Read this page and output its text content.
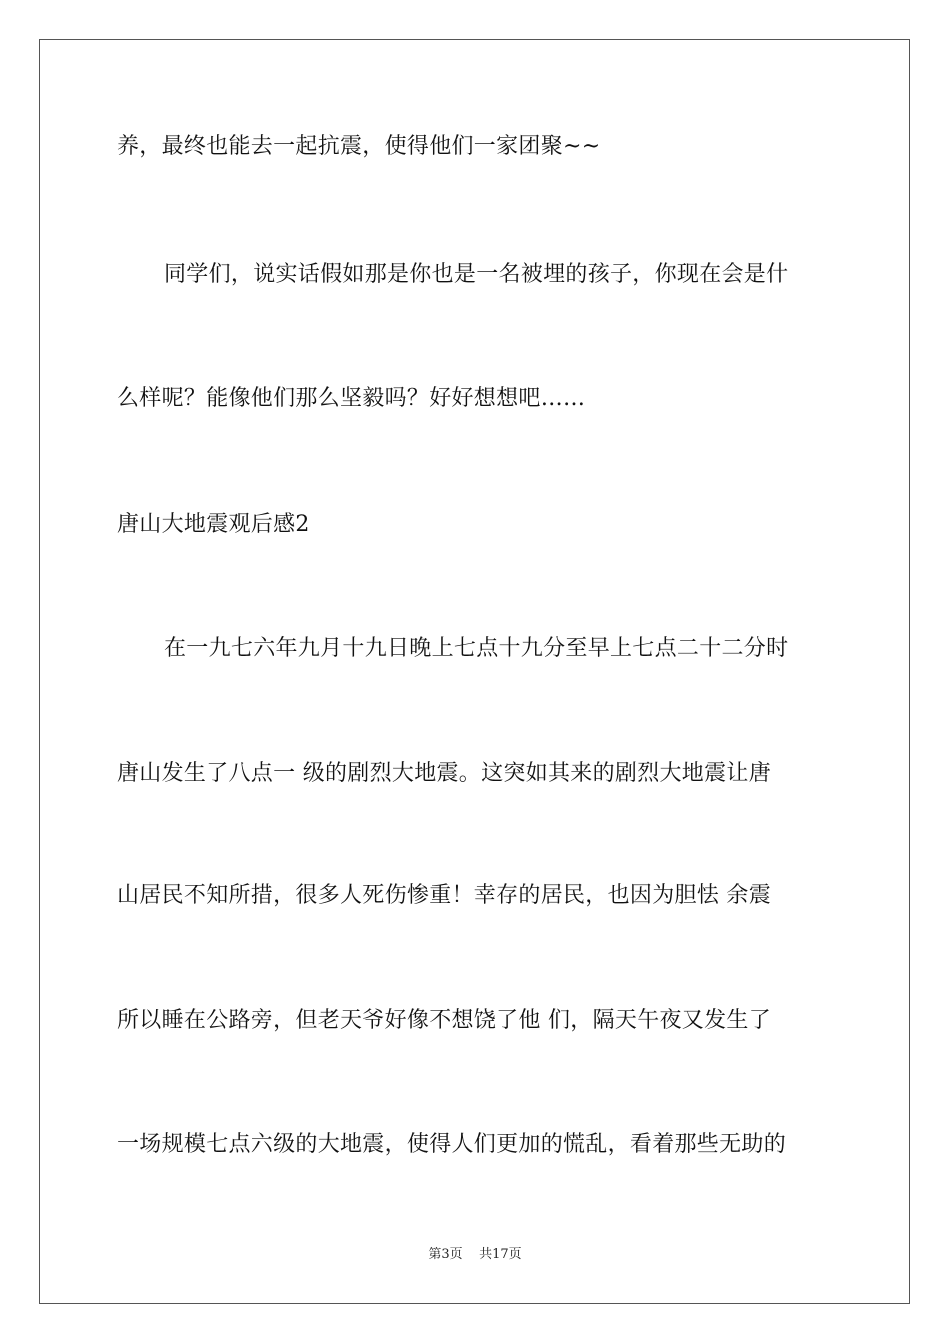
养，最终也能去一起抗震，使得他们一家团聚~~
同学们，说实话假如那是你也是一名被埋的孩子，你现在会是什
么样呢？能像他们那么坚毅吗？好好想想吧……
唐山大地震观后感2
在一九七六年九月十九日晚上七点十九分至早上七点二十二分时
唐山发生了八点一 级的剧烈大地震。这突如其来的剧烈大地震让唐
山居民不知所措，很多人死伤惨重！幸存的居民，也因为胆怯 余震
所以睡在公路旁，但老天爷好像不想饶了他 们，隔天午夜又发生了
一场规模七点六级的大地震，使得人们更加的慌乱，看着那些无助的
第3页    共17页
